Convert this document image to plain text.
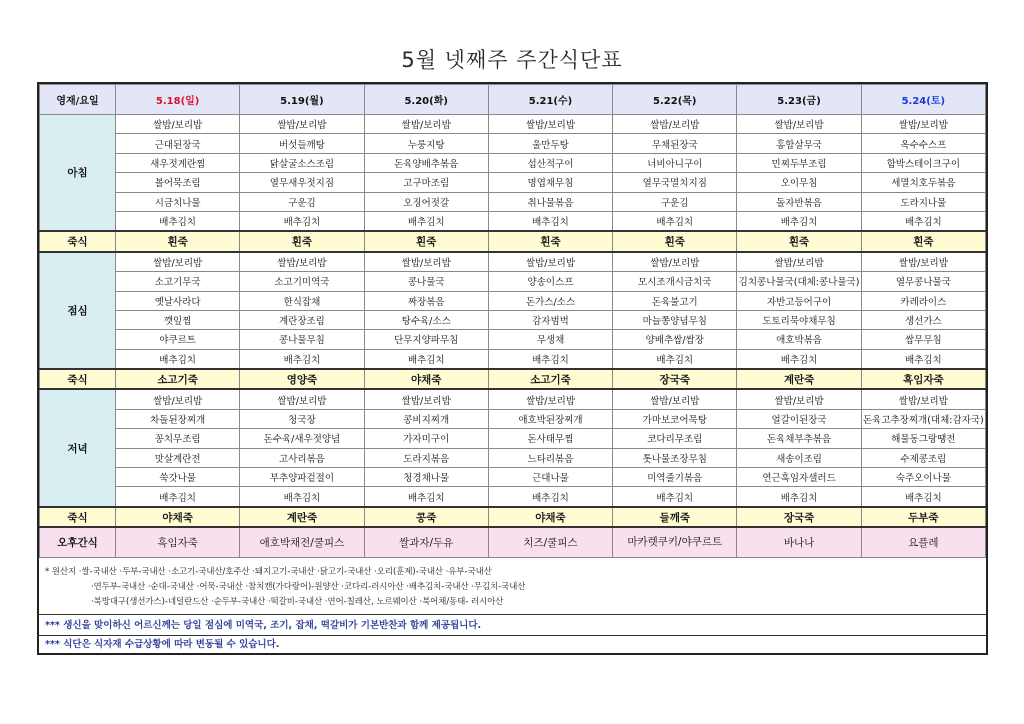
5월 넷째주 주간식단표
영재/요일	5.18(일)	5.19(월)	5.20(화)	5.21(수)	5.22(목)	5.23(금)	5.24(토)
아침	쌀밥/보리밥	쌀밥/보리밥	쌀밥/보리밥	쌀밥/보리밥	쌀밥/보리밥	쌀밥/보리밥	쌀밥/보리밥
	근대된장국	버섯들깨탕	누룽지탕	울만두탕	무채된장국	홍합살무국	옥수수스프
	새우젓계란찜	닭살굴소스조림	돈육양배추볶음	섭산적구이	너비아니구이	민찌두부조림	함박스테이크구이
	볼어묵조림	열무새우젓지짐	고구마조림	명엽채무침	열무국멸치지짐	오이무침	세멸치호두볶음
	시금치나물	구운김	오징어젓갈	취나물볶음	구운김	돌자반볶음	도라지나물
	배추김치	배추김치	배추김치	배추김치	배추김치	배추김치	배추김치
죽식	흰죽	흰죽	흰죽	흰죽	흰죽	흰죽	흰죽
점심	쌀밥/보리밥	쌀밥/보리밥	쌀밥/보리밥	쌀밥/보리밥	쌀밥/보리밥	쌀밥/보리밥	쌀밥/보리밥
	소고기무국	소고기미역국	콩나물국	양송이스프	모시조개시금치국	김치콩나물국(대체:콩나물국)	열무콩나물국
	옛날사라다	한식잡채	짜장볶음	돈가스/소스	돈육불고기	자반고등어구이	카레라이스
	깻잎찜	계란장조림	탕수육/소스	감자범벅	마늘쫑양념무침	도토리묵야채무침	생선가스
	야쿠르트	콩나물무침	단무지양파무침	무생채	양배추쌈/쌈장	애호박볶음	쌈무무침
	배추김치	배추김치	배추김치	배추김치	배추김치	배추김치	배추김치
죽식	소고기죽	영양죽	야채죽	소고기죽	장국죽	계란죽	흑임자죽
저녁	쌀밥/보리밥	쌀밥/보리밥	쌀밥/보리밥	쌀밥/보리밥	쌀밥/보리밥	쌀밥/보리밥	쌀밥/보리밥
	차돌된장찌개	청국장	콩비지찌개	애호박된장찌개	가마보코어묵탕	얼갈이된장국	돈육고추장찌개(대체:감자국)
	꽁치무조림	돈수육/새우젓양념	가자미구이	돈사태무찜	코다리무조림	돈육채부추볶음	해물동그랑땡전
	맛살계란전	고사리볶음	도라지볶음	느타리볶음	톳나물조장무침	새송이조림	수제콩조림
	쑥갓나물	부추양파겉절이	청경채나물	근대나물	미역줄기볶음	연근흑임자샐러드	숙주오이나물
	배추김치	배추김치	배추김치	배추김치	배추김치	배추김치	배추김치
죽식	야채죽	계란죽	콩죽	야채죽	들깨죽	장국죽	두부죽
오후간식	흑임자죽	애호박채전/쿨피스	쌀과자/두유	치즈/쿨피스	마카렛쿠키/야쿠르트	바나나	요플레
* 원산지 ·쌀-국내산 ·두부-국내산 ·소고기-국내산/호주산 ·돼지고기-국내산 ·닭고기-국내산 ·오리(훈제)-국내산 ·유부-국내산
·연두부-국내산 ·순대-국내산 ·어묵-국내산 ·참치캔(가다랑어)-원양산 ·코다리-러시아산 ·배추김치-국내산 ·무김치-국내산
·북방대구(생선가스)-네덜란드산 ·순두부-국내산 ·떡갈비-국내산 ·연어-칠레산, 노르웨이산 ·북어채/동태- 러시아산
*** 생신을 맞이하신 어르신께는 당일 점심에 미역국, 조기, 잡채, 떡갈비가 기본반찬과 함께 제공됩니다.
*** 식단은 식자재 수급상황에 따라 변동될 수 있습니다.
